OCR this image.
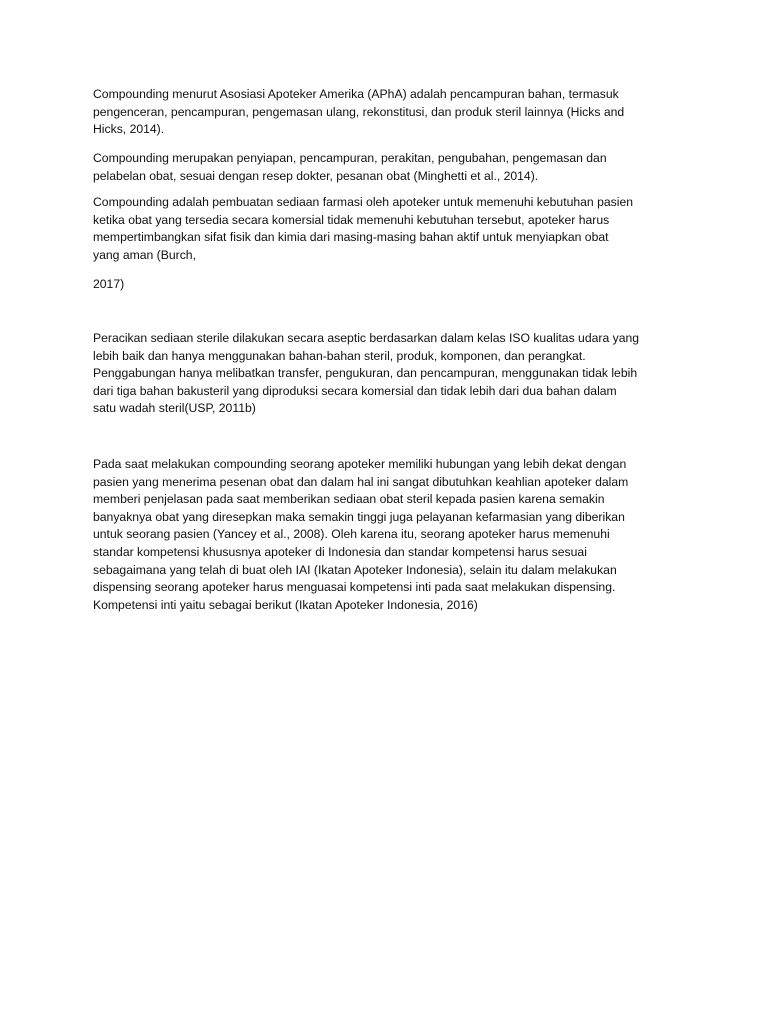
Compounding menurut Asosiasi Apoteker Amerika (APhA) adalah pencampuran bahan, termasuk
pengenceran, pencampuran, pengemasan ulang, rekonstitusi, dan produk steril lainnya (Hicks and
Hicks, 2014).

Compounding merupakan penyiapan, pencampuran, perakitan, pengubahan, pengemasan dan
pelabelan obat, sesuai dengan resep dokter, pesanan obat (Minghetti et al., 2014).

Compounding adalah pembuatan sediaan farmasi oleh apoteker untuk memenuhi kebutuhan pasien
ketika obat yang tersedia secara komersial tidak memenuhi kebutuhan tersebut, apoteker harus
mempertimbangkan sifat fisik dan kimia dari masing-masing bahan aktif untuk menyiapkan obat
yang aman (Burch,

2017)

Peracikan sediaan sterile dilakukan secara aseptic berdasarkan dalam kelas ISO kualitas udara yang
lebih baik dan hanya menggunakan bahan-bahan steril, produk, komponen, dan perangkat.
Penggabungan hanya melibatkan transfer, pengukuran, dan pencampuran, menggunakan tidak lebih
dari tiga bahan bakusteril yang diproduksi secara komersial dan tidak lebih dari dua bahan dalam
satu wadah steril(USP, 2011b)

Pada saat melakukan compounding seorang apoteker memiliki hubungan yang lebih dekat dengan
pasien yang menerima pesenan obat dan dalam hal ini sangat dibutuhkan keahlian apoteker dalam
memberi penjelasan pada saat memberikan sediaan obat steril kepada pasien karena semakin
banyaknya obat yang diresepkan maka semakin tinggi juga pelayanan kefarmasian yang diberikan
untuk seorang pasien (Yancey et al., 2008). Oleh karena itu, seorang apoteker harus memenuhi
standar kompetensi khususnya apoteker di Indonesia dan standar kompetensi harus sesuai
sebagaimana yang telah di buat oleh IAI (Ikatan Apoteker Indonesia), selain itu dalam melakukan
dispensing seorang apoteker harus menguasai kompetensi inti pada saat melakukan dispensing.
Kompetensi inti yaitu sebagai berikut (Ikatan Apoteker Indonesia, 2016)
